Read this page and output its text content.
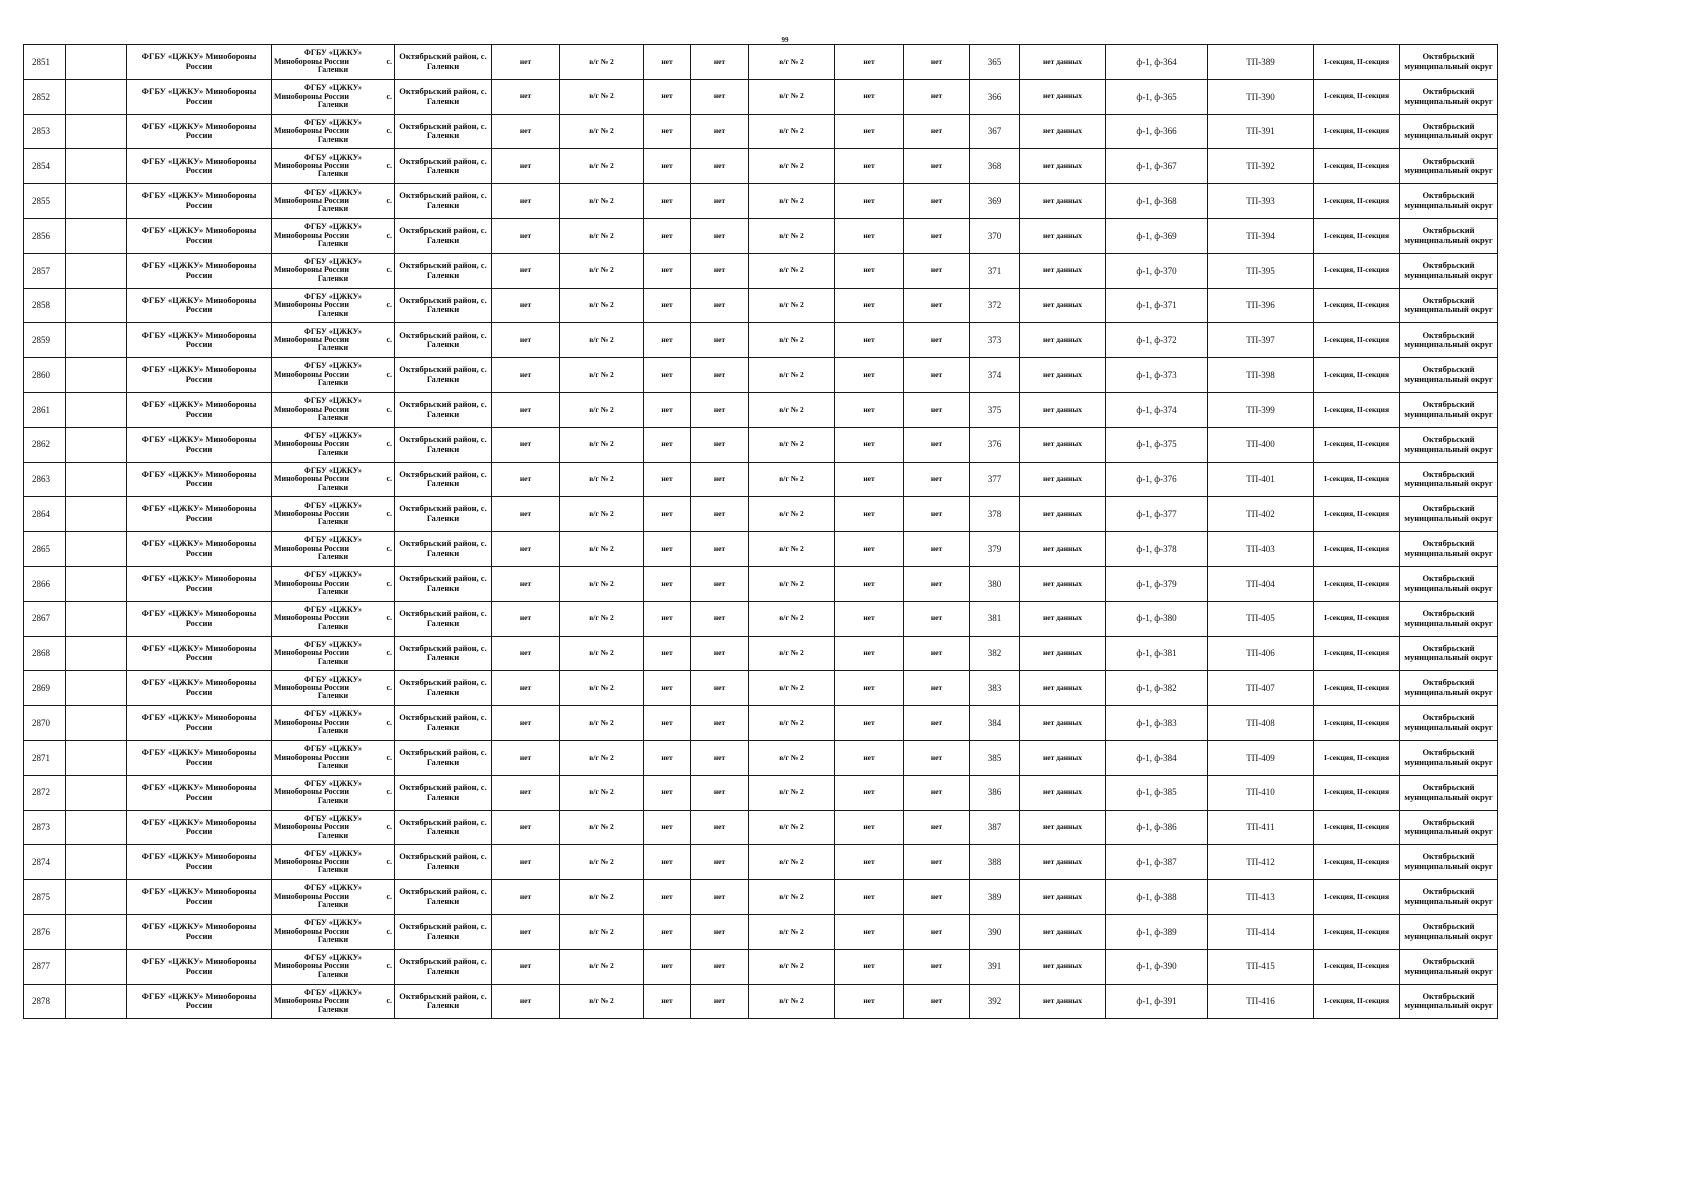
99
2851		ФГБУ «ЦЖКУ» Минобороны России	ФГБУ «ЦЖКУ»
Минобороны России с.
Галенки	Октябрьский район, с. Галенки	нет	в/г № 2	нет	нет	в/г № 2	нет	нет	365	нет данных	ф-1, ф-364	ТП-389	I-секция, II-секция	Октябрьский муниципальный округ
2852		ФГБУ «ЦЖКУ» Минобороны России	ФГБУ «ЦЖКУ»
Минобороны России с.
Галенки	Октябрьский район, с. Галенки	нет	в/г № 2	нет	нет	в/г № 2	нет	нет	366	нет данных	ф-1, ф-365	ТП-390	I-секция, II-секция	Октябрьский муниципальный округ
2853		ФГБУ «ЦЖКУ» Минобороны России	ФГБУ «ЦЖКУ»
Минобороны России с.
Галенки	Октябрьский район, с. Галенки	нет	в/г № 2	нет	нет	в/г № 2	нет	нет	367	нет данных	ф-1, ф-366	ТП-391	I-секция, II-секция	Октябрьский муниципальный округ
2854		ФГБУ «ЦЖКУ» Минобороны России	ФГБУ «ЦЖКУ»
Минобороны России с.
Галенки	Октябрьский район, с. Галенки	нет	в/г № 2	нет	нет	в/г № 2	нет	нет	368	нет данных	ф-1, ф-367	ТП-392	I-секция, II-секция	Октябрьский муниципальный округ
2855		ФГБУ «ЦЖКУ» Минобороны России	ФГБУ «ЦЖКУ»
Минобороны России с.
Галенки	Октябрьский район, с. Галенки	нет	в/г № 2	нет	нет	в/г № 2	нет	нет	369	нет данных	ф-1, ф-368	ТП-393	I-секция, II-секция	Октябрьский муниципальный округ
2856		ФГБУ «ЦЖКУ» Минобороны России	ФГБУ «ЦЖКУ»
Минобороны России с.
Галенки	Октябрьский район, с. Галенки	нет	в/г № 2	нет	нет	в/г № 2	нет	нет	370	нет данных	ф-1, ф-369	ТП-394	I-секция, II-секция	Октябрьский муниципальный округ
2857		ФГБУ «ЦЖКУ» Минобороны России	ФГБУ «ЦЖКУ»
Минобороны России с.
Галенки	Октябрьский район, с. Галенки	нет	в/г № 2	нет	нет	в/г № 2	нет	нет	371	нет данных	ф-1, ф-370	ТП-395	I-секция, II-секция	Октябрьский муниципальный округ
2858		ФГБУ «ЦЖКУ» Минобороны России	ФГБУ «ЦЖКУ»
Минобороны России с.
Галенки	Октябрьский район, с. Галенки	нет	в/г № 2	нет	нет	в/г № 2	нет	нет	372	нет данных	ф-1, ф-371	ТП-396	I-секция, II-секция	Октябрьский муниципальный округ
2859		ФГБУ «ЦЖКУ» Минобороны России	ФГБУ «ЦЖКУ»
Минобороны России с.
Галенки	Октябрьский район, с. Галенки	нет	в/г № 2	нет	нет	в/г № 2	нет	нет	373	нет данных	ф-1, ф-372	ТП-397	I-секция, II-секция	Октябрьский муниципальный округ
2860		ФГБУ «ЦЖКУ» Минобороны России	ФГБУ «ЦЖКУ»
Минобороны России с.
Галенки	Октябрьский район, с. Галенки	нет	в/г № 2	нет	нет	в/г № 2	нет	нет	374	нет данных	ф-1, ф-373	ТП-398	I-секция, II-секция	Октябрьский муниципальный округ
2861		ФГБУ «ЦЖКУ» Минобороны России	ФГБУ «ЦЖКУ»
Минобороны России с.
Галенки	Октябрьский район, с. Галенки	нет	в/г № 2	нет	нет	в/г № 2	нет	нет	375	нет данных	ф-1, ф-374	ТП-399	I-секция, II-секция	Октябрьский муниципальный округ
2862		ФГБУ «ЦЖКУ» Минобороны России	ФГБУ «ЦЖКУ»
Минобороны России с.
Галенки	Октябрьский район, с. Галенки	нет	в/г № 2	нет	нет	в/г № 2	нет	нет	376	нет данных	ф-1, ф-375	ТП-400	I-секция, II-секция	Октябрьский муниципальный округ
2863		ФГБУ «ЦЖКУ» Минобороны России	ФГБУ «ЦЖКУ»
Минобороны России с.
Галенки	Октябрьский район, с. Галенки	нет	в/г № 2	нет	нет	в/г № 2	нет	нет	377	нет данных	ф-1, ф-376	ТП-401	I-секция, II-секция	Октябрьский муниципальный округ
2864		ФГБУ «ЦЖКУ» Минобороны России	ФГБУ «ЦЖКУ»
Минобороны России с.
Галенки	Октябрьский район, с. Галенки	нет	в/г № 2	нет	нет	в/г № 2	нет	нет	378	нет данных	ф-1, ф-377	ТП-402	I-секция, II-секция	Октябрьский муниципальный округ
2865		ФГБУ «ЦЖКУ» Минобороны России	ФГБУ «ЦЖКУ»
Минобороны России с.
Галенки	Октябрьский район, с. Галенки	нет	в/г № 2	нет	нет	в/г № 2	нет	нет	379	нет данных	ф-1, ф-378	ТП-403	I-секция, II-секция	Октябрьский муниципальный округ
2866		ФГБУ «ЦЖКУ» Минобороны России	ФГБУ «ЦЖКУ»
Минобороны России с.
Галенки	Октябрьский район, с. Галенки	нет	в/г № 2	нет	нет	в/г № 2	нет	нет	380	нет данных	ф-1, ф-379	ТП-404	I-секция, II-секция	Октябрьский муниципальный округ
2867		ФГБУ «ЦЖКУ» Минобороны России	ФГБУ «ЦЖКУ»
Минобороны России с.
Галенки	Октябрьский район, с. Галенки	нет	в/г № 2	нет	нет	в/г № 2	нет	нет	381	нет данных	ф-1, ф-380	ТП-405	I-секция, II-секция	Октябрьский муниципальный округ
2868		ФГБУ «ЦЖКУ» Минобороны России	ФГБУ «ЦЖКУ»
Минобороны России с.
Галенки	Октябрьский район, с. Галенки	нет	в/г № 2	нет	нет	в/г № 2	нет	нет	382	нет данных	ф-1, ф-381	ТП-406	I-секция, II-секция	Октябрьский муниципальный округ
2869		ФГБУ «ЦЖКУ» Минобороны России	ФГБУ «ЦЖКУ»
Минобороны России с.
Галенки	Октябрьский район, с. Галенки	нет	в/г № 2	нет	нет	в/г № 2	нет	нет	383	нет данных	ф-1, ф-382	ТП-407	I-секция, II-секция	Октябрьский муниципальный округ
2870		ФГБУ «ЦЖКУ» Минобороны России	ФГБУ «ЦЖКУ»
Минобороны России с.
Галенки	Октябрьский район, с. Галенки	нет	в/г № 2	нет	нет	в/г № 2	нет	нет	384	нет данных	ф-1, ф-383	ТП-408	I-секция, II-секция	Октябрьский муниципальный округ
2871		ФГБУ «ЦЖКУ» Минобороны России	ФГБУ «ЦЖКУ»
Минобороны России с.
Галенки	Октябрьский район, с. Галенки	нет	в/г № 2	нет	нет	в/г № 2	нет	нет	385	нет данных	ф-1, ф-384	ТП-409	I-секция, II-секция	Октябрьский муниципальный округ
2872		ФГБУ «ЦЖКУ» Минобороны России	ФГБУ «ЦЖКУ»
Минобороны России с.
Галенки	Октябрьский район, с. Галенки	нет	в/г № 2	нет	нет	в/г № 2	нет	нет	386	нет данных	ф-1, ф-385	ТП-410	I-секция, II-секция	Октябрьский муниципальный округ
2873		ФГБУ «ЦЖКУ» Минобороны России	ФГБУ «ЦЖКУ»
Минобороны России с.
Галенки	Октябрьский район, с. Галенки	нет	в/г № 2	нет	нет	в/г № 2	нет	нет	387	нет данных	ф-1, ф-386	ТП-411	I-секция, II-секция	Октябрьский муниципальный округ
2874		ФГБУ «ЦЖКУ» Минобороны России	ФГБУ «ЦЖКУ»
Минобороны России с.
Галенки	Октябрьский район, с. Галенки	нет	в/г № 2	нет	нет	в/г № 2	нет	нет	388	нет данных	ф-1, ф-387	ТП-412	I-секция, II-секция	Октябрьский муниципальный округ
2875		ФГБУ «ЦЖКУ» Минобороны России	ФГБУ «ЦЖКУ»
Минобороны России с.
Галенки	Октябрьский район, с. Галенки	нет	в/г № 2	нет	нет	в/г № 2	нет	нет	389	нет данных	ф-1, ф-388	ТП-413	I-секция, II-секция	Октябрьский муниципальный округ
2876		ФГБУ «ЦЖКУ» Минобороны России	ФГБУ «ЦЖКУ»
Минобороны России с.
Галенки	Октябрьский район, с. Галенки	нет	в/г № 2	нет	нет	в/г № 2	нет	нет	390	нет данных	ф-1, ф-389	ТП-414	I-секция, II-секция	Октябрьский муниципальный округ
2877		ФГБУ «ЦЖКУ» Минобороны России	ФГБУ «ЦЖКУ»
Минобороны России с.
Галенки	Октябрьский район, с. Галенки	нет	в/г № 2	нет	нет	в/г № 2	нет	нет	391	нет данных	ф-1, ф-390	ТП-415	I-секция, II-секция	Октябрьский муниципальный округ
2878		ФГБУ «ЦЖКУ» Минобороны России	ФГБУ «ЦЖКУ»
Минобороны России с.
Галенки	Октябрьский район, с. Галенки	нет	в/г № 2	нет	нет	в/г № 2	нет	нет	392	нет данных	ф-1, ф-391	ТП-416	I-секция, II-секция	Октябрьский муниципальный округ
